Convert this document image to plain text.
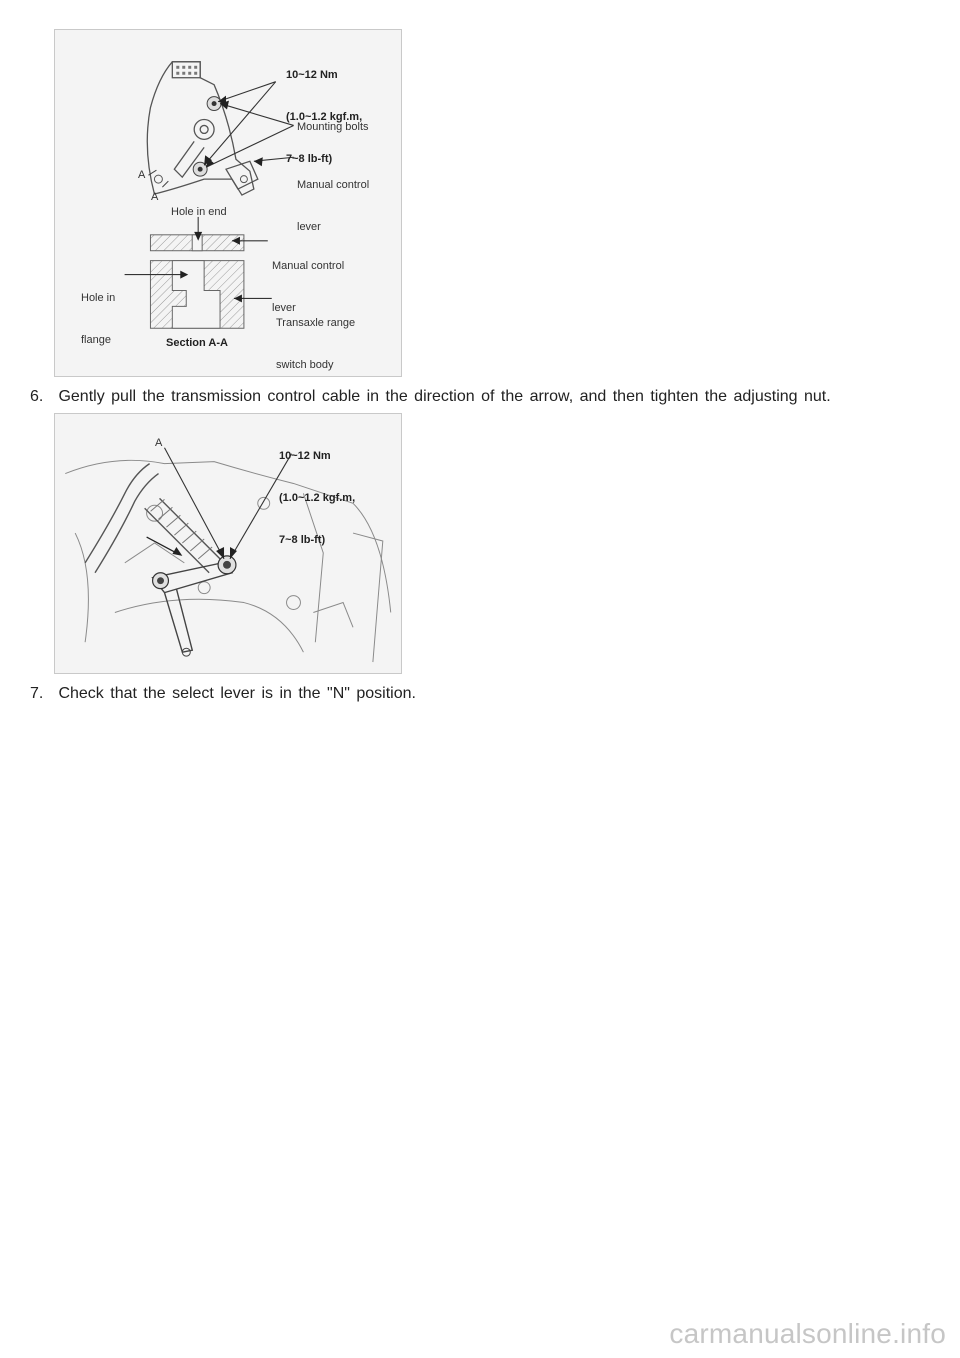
10~12 Nm

(1.0~1.2 kgf.m,

7~8 lb-ft)

Mounting bolts

Manual control

lever

A
A
Hole in end

Manual control

lever

Hole in

flange

Transaxle range

switch body

Section A-A
6. Gently pull the transmission control cable in the direction of the arrow, and then tighten the adjusting nut.
A

10~12 Nm

(1.0~1.2 kgf.m,

7~8 lb-ft)

7. Check that the select lever is in the "N" position.
carmanualsonline.info
